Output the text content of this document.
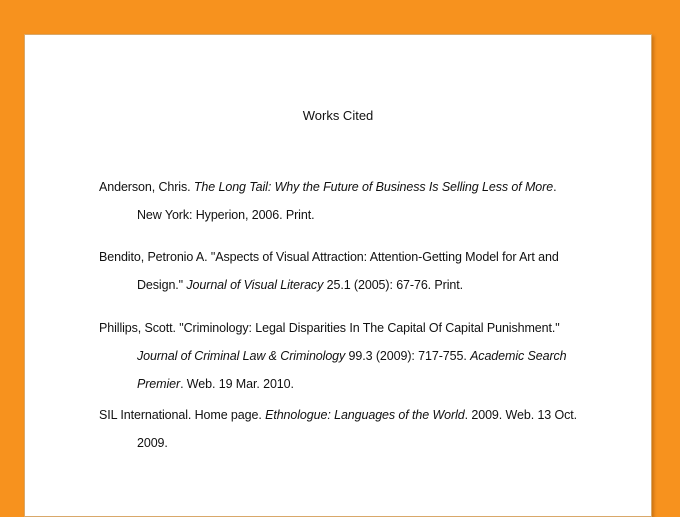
Works Cited
Anderson, Chris. The Long Tail: Why the Future of Business Is Selling Less of More.
New York: Hyperion, 2006. Print.
Bendito, Petronio A. "Aspects of Visual Attraction: Attention-Getting Model for Art and
Design." Journal of Visual Literacy 25.1 (2005): 67-76. Print.
Phillips, Scott. "Criminology: Legal Disparities In The Capital Of Capital Punishment."
Journal of Criminal Law & Criminology 99.3 (2009): 717-755. Academic Search
Premier. Web. 19 Mar. 2010.
SIL International. Home page. Ethnologue: Languages of the World. 2009. Web. 13 Oct.
2009.
